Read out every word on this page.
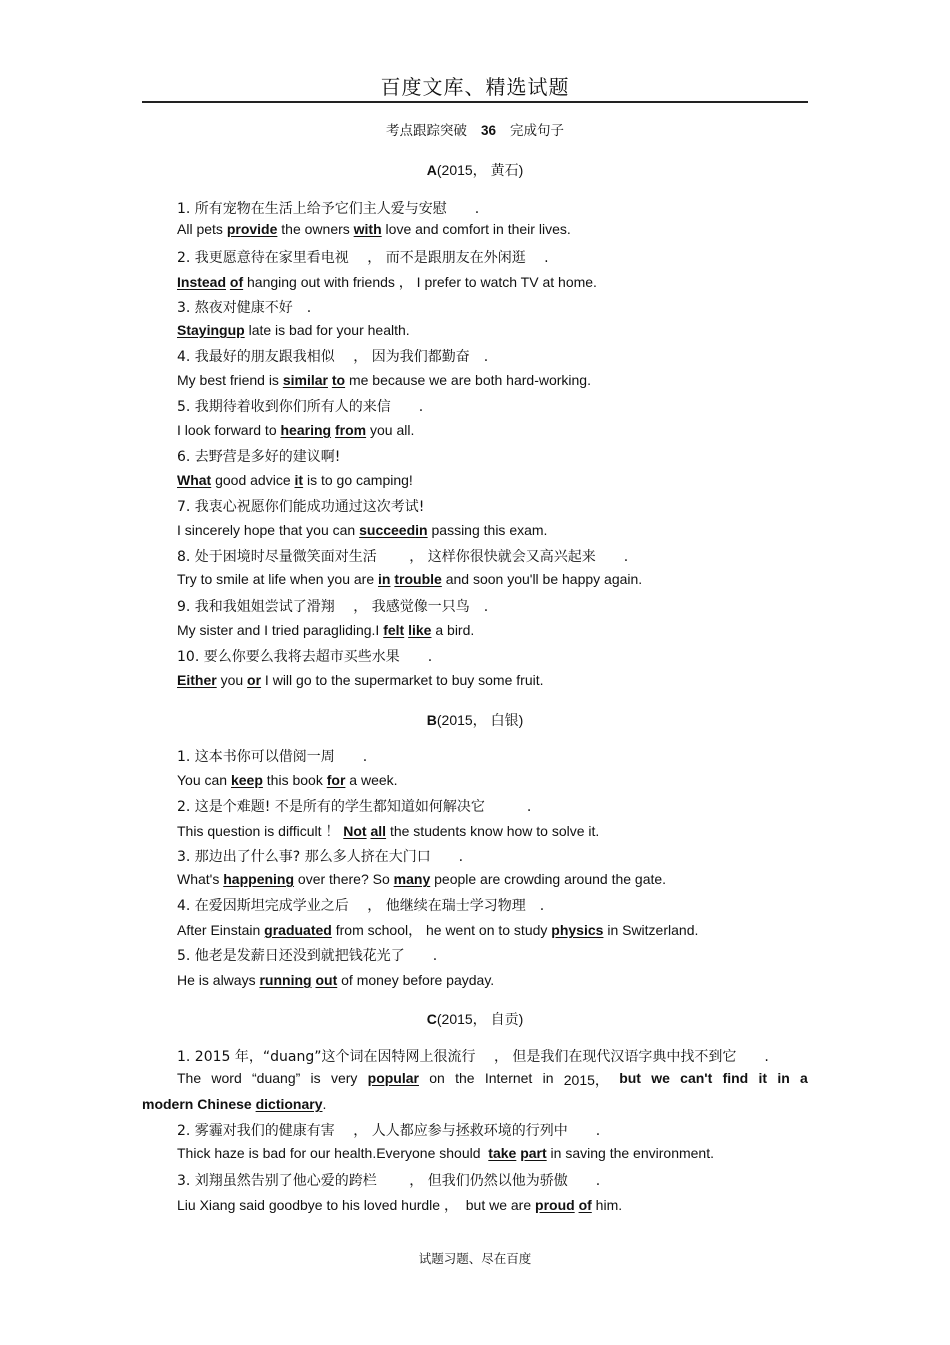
百度文库、精选试题
考点跟踪突破 36 完成句子
A(2015， 黄石)
1. 所有宠物在生活上给予它们主人爱与安慰　　.
All pets provide the owners with love and comfort in their lives.
2. 我更愿意待在家里看电视　 ， 而不是跟朋友在外闲逛　 .
Instead of hanging out with friends ， I prefer to watch TV at home.
3. 熬夜对健康不好　.
Stayingup late is bad for your health.
4. 我最好的朋友跟我相似　 ， 因为我们都勤奋　.
My best friend is similar to me because we are both hard-working.
5. 我期待着收到你们所有人的来信　　.
I look forward to hearing from you all.
6. 去野营是多好的建议啊!
What good advice it is to go camping!
7. 我衷心祝愿你们能成功通过这次考试!
I sincerely hope that you can succeedin passing this exam.
8. 处于困境时尽量微笑面对生活　　 ， 这样你很快就会又高兴起来　　.
Try to smile at life when you are in trouble and soon you'll be happy again.
9. 我和我姐姐尝试了滑翔　 ， 我感觉像一只鸟　.
My sister and I tried paragliding.I felt like a bird.
10. 要么你要么我将去超市买些水果　　.
Either you or I will go to the supermarket to buy some fruit.
B(2015， 白银)
1. 这本书你可以借阅一周　　.
You can keep this book for a week.
2. 这是个难题! 不是所有的学生都知道如何解决它　　　.
This question is difficult ！ Not all the students know how to solve it.
3. 那边出了什么事? 那么多人挤在大门口　　.
What's happening over there? So many people are crowding around the gate.
4. 在爱因斯坦完成学业之后　 ， 他继续在瑞士学习物理　.
After Einstain graduated from school， he went on to study physics in Switzerland.
5. 他老是发薪日还没到就把钱花光了　　.
He is always running out of money before payday.
C(2015， 自贡)
1. 2015 年，“duang”这个词在因特网上很流行　 ， 但是我们在现代汉语字典中找不到它　　.
The word “duang” is very popular on the Internet in 2015， but we can't find it in a
modern Chinese dictionary.
2. 雾霾对我们的健康有害　 ， 人人都应参与拯救环境的行列中　　.
Thick haze is bad for our health.Everyone should  take part in saving the environment.
3. 刘翔虽然告别了他心爱的跨栏　　 ， 但我们仍然以他为骄傲　　.
Liu Xiang said goodbye to his loved hurdle ，  but we are proud of him.
试题习题、尽在百度
